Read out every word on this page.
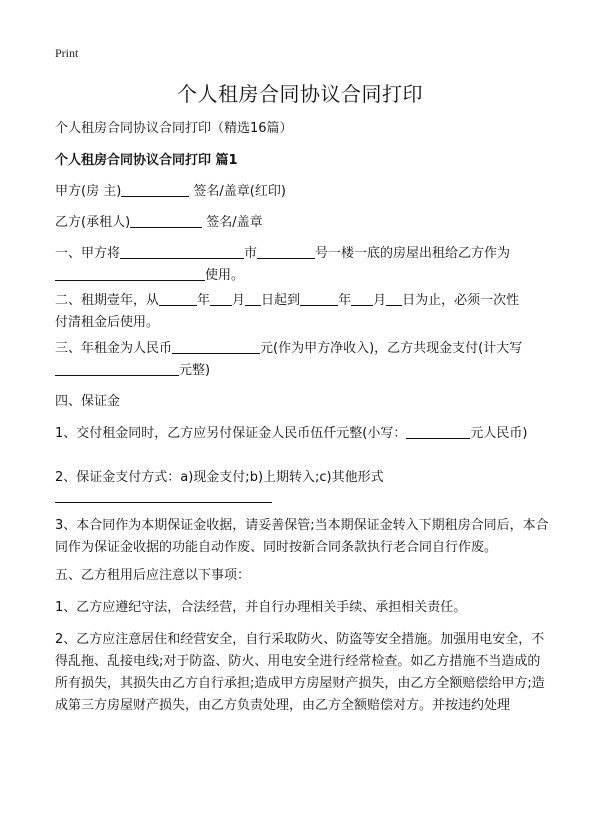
Print
个人租房合同协议合同打印
个人租房合同协议合同打印（精选16篇）
个人租房合同协议合同打印 篇1
甲方(房 主)	签名/盖章(红印)
乙方(承租人)	签名/盖章
一、甲方将	市	号一楼一底的房屋出租给乙方作为
使用。
二、租期壹年，从	年 月 日起到	年 月 日为止，必须一次性
付清租金后使用。
三、年租金为人民币	元(作为甲方净收入)，乙方共现金支付(计大写
元整)
四、保证金
1、交付租金同时，乙方应另付保证金人民币伍仟元整(小写：	元人民币)
2、保证金支付方式：a)现金支付;b)上期转入;c)其他形式
3、本合同作为本期保证金收据，请妥善保管;当本期保证金转入下期租房合同后，本合同作为保证金收据的功能自动作废、同时按新合同条款执行老合同自行作废。
五、乙方租用后应注意以下事项：
1、乙方应遵纪守法，合法经营，并自行办理相关手续、承担相关责任。
2、乙方应注意居住和经营安全，自行采取防火、防盗等安全措施。加强用电安全，不得乱拖、乱接电线;对于防盗、防火、用电安全进行经常检查。如乙方措施不当造成的所有损失，其损失由乙方自行承担;造成甲方房屋财产损失，由乙方全额赔偿给甲方;造成第三方房屋财产损失，由乙方负责处理，由乙方全额赔偿对方。并按违约处理
